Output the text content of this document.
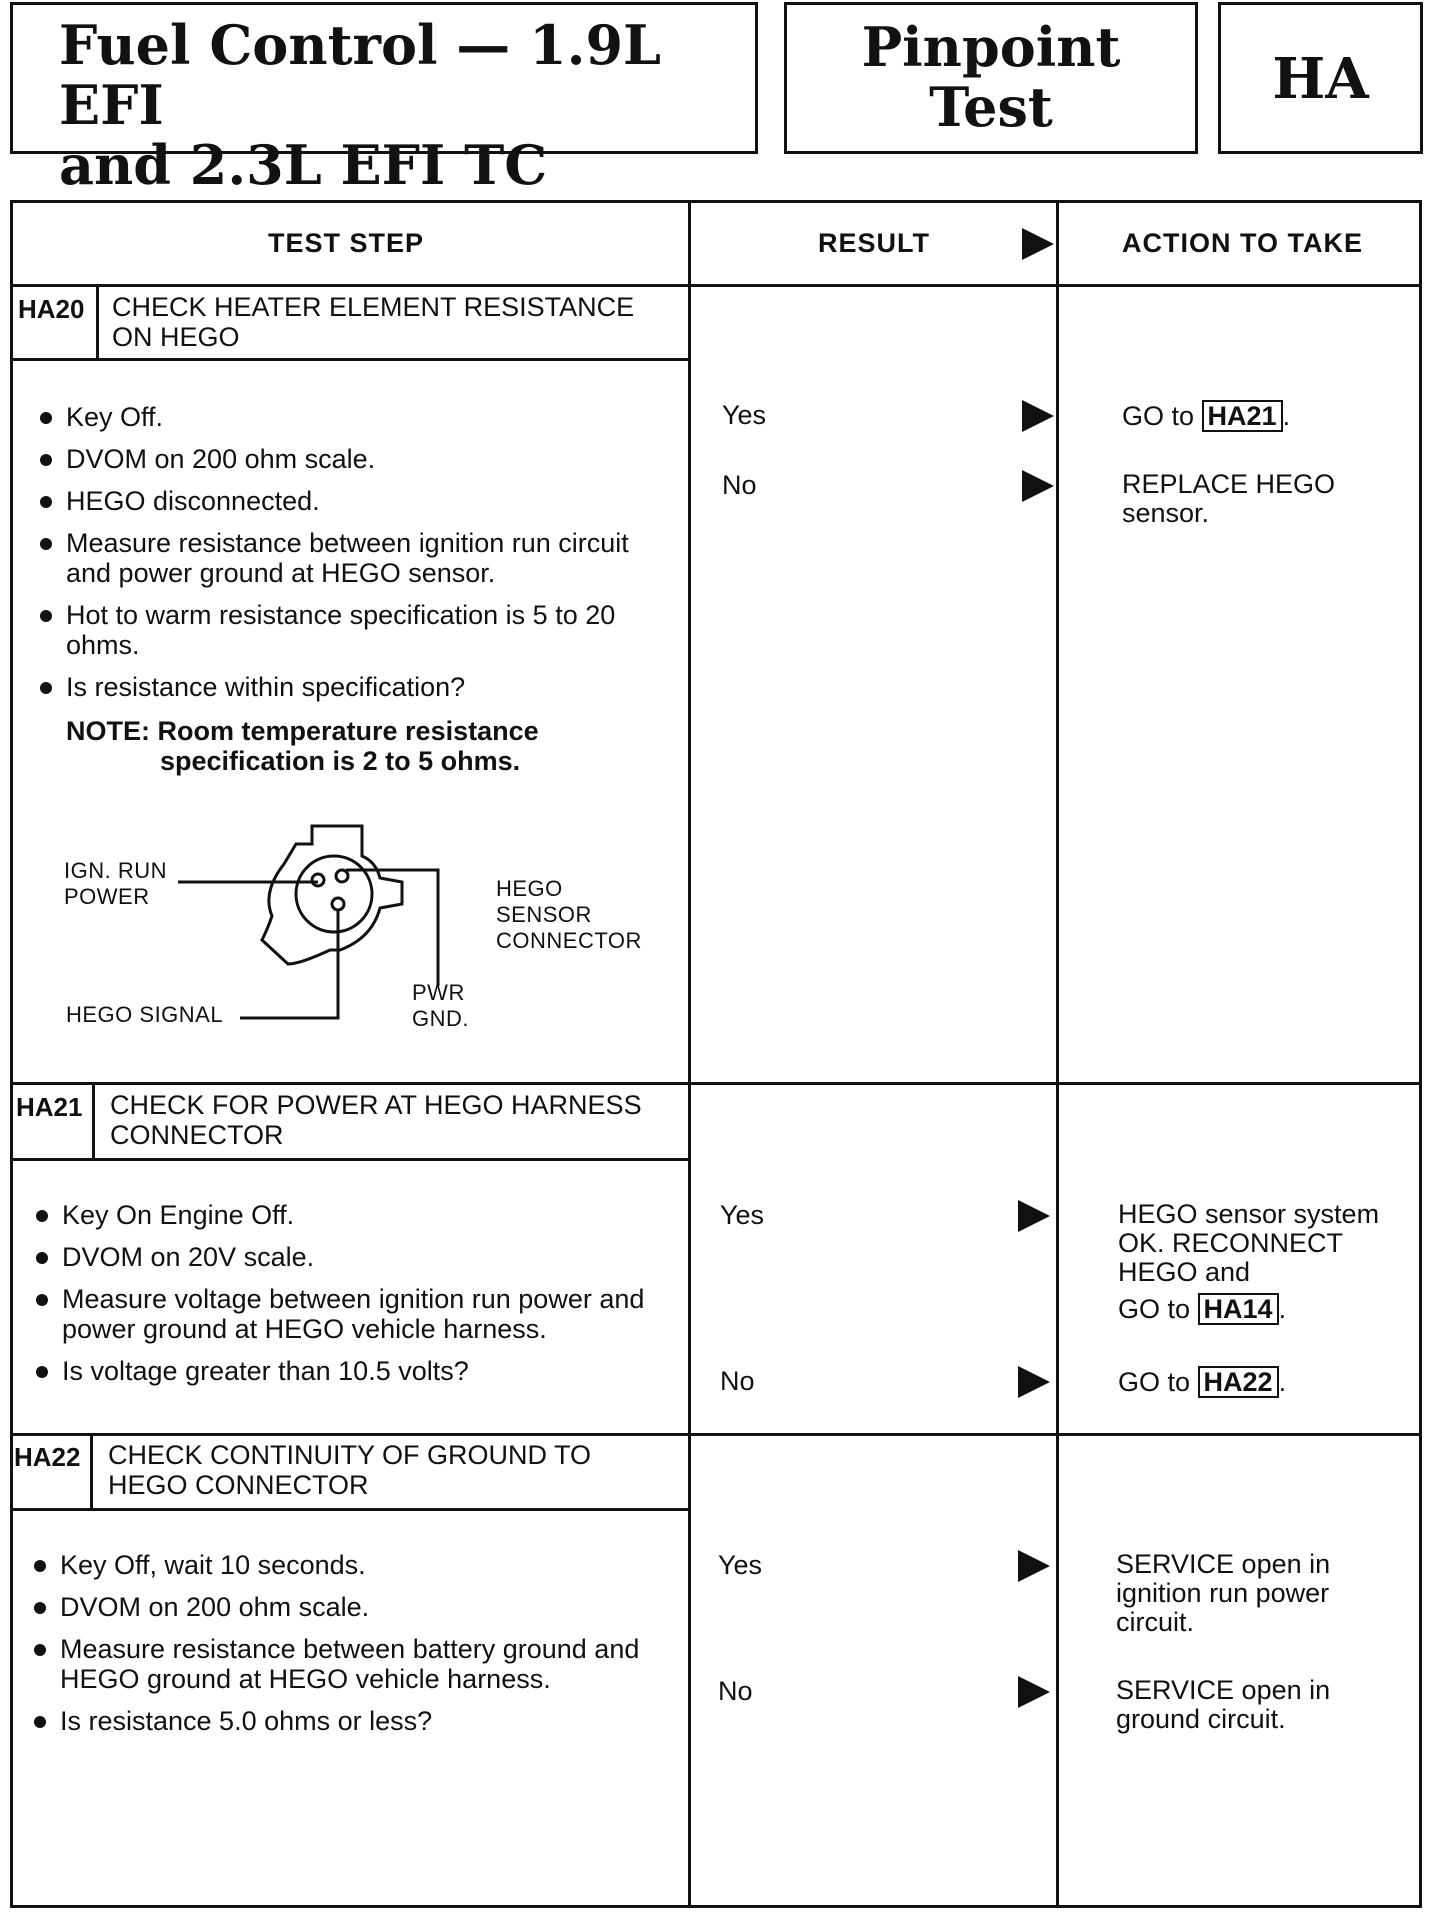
Fuel Control — 1.9L EFI
and 2.3L EFI TC
Pinpoint
Test	HA
TEST STEP	RESULT	ACTION TO TAKE
HA20 CHECK HEATER ELEMENT RESISTANCE
ON HEGO
Key Off.
DVOM on 200 ohm scale.
HEGO disconnected.
Measure resistance between ignition run circuit and power ground at HEGO sensor.
Hot to warm resistance specification is 5 to 20 ohms.
Is resistance within specification?
NOTE: Room temperature resistance
specification is 2 to 5 ohms.
IGN. RUN
POWER
HEGO SIGNAL
PWR
GND.
HEGO
SENSOR
CONNECTOR
Yes	GO to HA21 .
No	REPLACE HEGO
sensor.
HA21 CHECK FOR POWER AT HEGO HARNESS
CONNECTOR
Key On Engine Off.
DVOM on 20V scale.
Measure voltage between ignition run power and power ground at HEGO vehicle harness.
Is voltage greater than 10.5 volts?
Yes	HEGO sensor system
OK. RECONNECT
HEGO and
GO to HA14 .
No	GO to HA22 .
HA22 CHECK CONTINUITY OF GROUND TO
HEGO CONNECTOR
Key Off, wait 10 seconds.
DVOM on 200 ohm scale.
Measure resistance between battery ground and HEGO ground at HEGO vehicle harness.
Is resistance 5.0 ohms or less?
Yes	SERVICE open in
ignition run power
circuit.
No	SERVICE open in
ground circuit.
